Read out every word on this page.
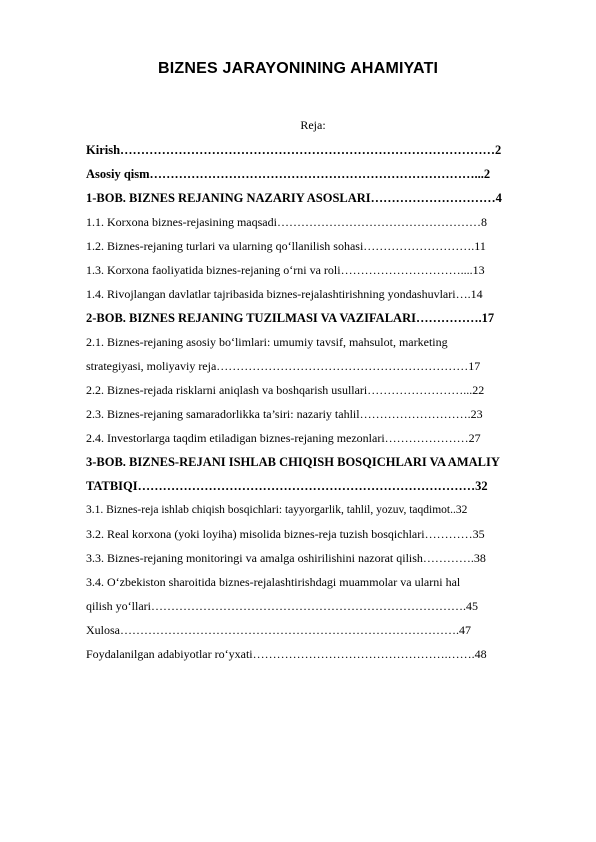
BIZNES JARAYONINING AHAMIYATI
Reja:
Kirish………………………………………………………………………………2
Asosiy qism……………………………………………………………………...2
1-BOB. BIZNES REJANING NAZARIY ASOSLARI…………………………4
1.1. Korxona biznes-rejasining maqsadi……………………………………………8
1.2. Biznes-rejaning turlari va ularning qo‘llanilish sohasi……………………….11
1.3. Korxona faoliyatida biznes-rejaning o‘rni va roli…………………………....13
1.4. Rivojlangan davlatlar tajribasida biznes-rejalashtirishning yondashuvlari….14
2-BOB. BIZNES REJANING TUZILMASI VA VAZIFALARI…………….17
2.1. Biznes-rejaning asosiy bo‘limlari: umumiy tavsif, mahsulot, marketing
strategiyasi, moliyaviy reja………………………………………………………17
2.2. Biznes-rejada risklarni aniqlash va boshqarish usullari……………………...22
2.3. Biznes-rejaning samaradorlikka ta’siri: nazariy tahlil……………………….23
2.4. Investorlarga taqdim etiladigan biznes-rejaning mezonlari…………………27
3-BOB. BIZNES-REJANI ISHLAB CHIQISH BOSQICHLARI VA AMALIY
TATBIQI………………………………………………………………………32
3.1. Biznes-reja ishlab chiqish bosqichlari: tayyorgarlik, tahlil, yozuv, taqdimot..32
3.2. Real korxona (yoki loyiha) misolida biznes-reja tuzish bosqichlari…………35
3.3. Biznes-rejaning monitoringi va amalga oshirilishini nazorat qilish………….38
3.4. O‘zbekiston sharoitida biznes-rejalashtirishdagi muammolar va ularni hal
qilish yo‘llari…………………………………………………………………….45
Xulosa………………………………………………………………………….47
Foydalanilgan adabiyotlar ro‘yxati………………………………………….…….48
